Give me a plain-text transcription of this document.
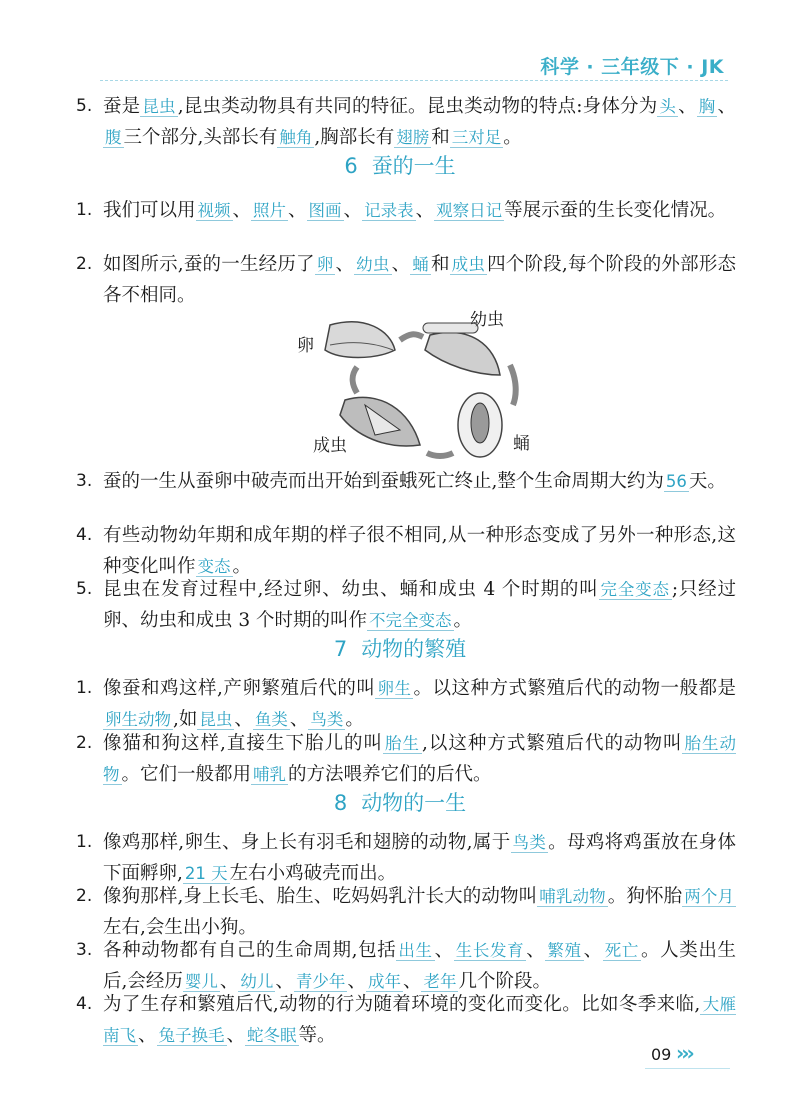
科学 · 三年级下 · JK
5. 蚕是 昆虫 ,昆虫类动物具有共同的特征。昆虫类动物的特点:身体分为 头 、 胸 、腹 三个部分,头部长有 触角 ,胸部长有 翅膀 和 三对足 。
6 蚕的一生
1. 我们可以用 视频 、 照片 、 图画 、 记录表 、 观察日记 等展示蚕的生长变化情况。
2. 如图所示,蚕的一生经历了 卵 、 幼虫 、 蛹 和 成虫 四个阶段,每个阶段的外部形态各不相同。
卵
幼虫
蛹
成虫
3. 蚕的一生从蚕卵中破壳而出开始到蚕蛾死亡终止,整个生命周期大约为 56 天。
4. 有些动物幼年期和成年期的样子很不相同,从一种形态变成了另外一种形态,这种变化叫作 变态 。
5. 昆虫在发育过程中,经过卵、幼虫、蛹和成虫 4 个时期的叫 完全变态 ;只经过卵、幼虫和成虫 3 个时期的叫作 不完全变态 。
7 动物的繁殖
1. 像蚕和鸡这样,产卵繁殖后代的叫 卵生 。以这种方式繁殖后代的动物一般都是卵生动物 ,如 昆虫 、 鱼类 、 鸟类 。
2. 像猫和狗这样,直接生下胎儿的叫 胎生 ,以这种方式繁殖后代的动物叫 胎生动物 。它们一般都用 哺乳 的方法喂养它们的后代。
8 动物的一生
1. 像鸡那样,卵生、身上长有羽毛和翅膀的动物,属于 鸟类 。母鸡将鸡蛋放在身体下面孵卵, 21 天 左右小鸡破壳而出。
2. 像狗那样,身上长毛、胎生、吃妈妈乳汁长大的动物叫 哺乳动物 。狗怀胎 两个月左右,会生出小狗。
3. 各种动物都有自己的生命周期,包括 出生 、 生长发育 、 繁殖 、 死亡 。人类出生后,会经历 婴儿 、 幼儿 、 青少年 、 成年 、 老年 几个阶段。
4. 为了生存和繁殖后代,动物的行为随着环境的变化而变化。比如冬季来临, 大雁南飞 、 兔子换毛 、 蛇冬眠 等。
09 ›››
